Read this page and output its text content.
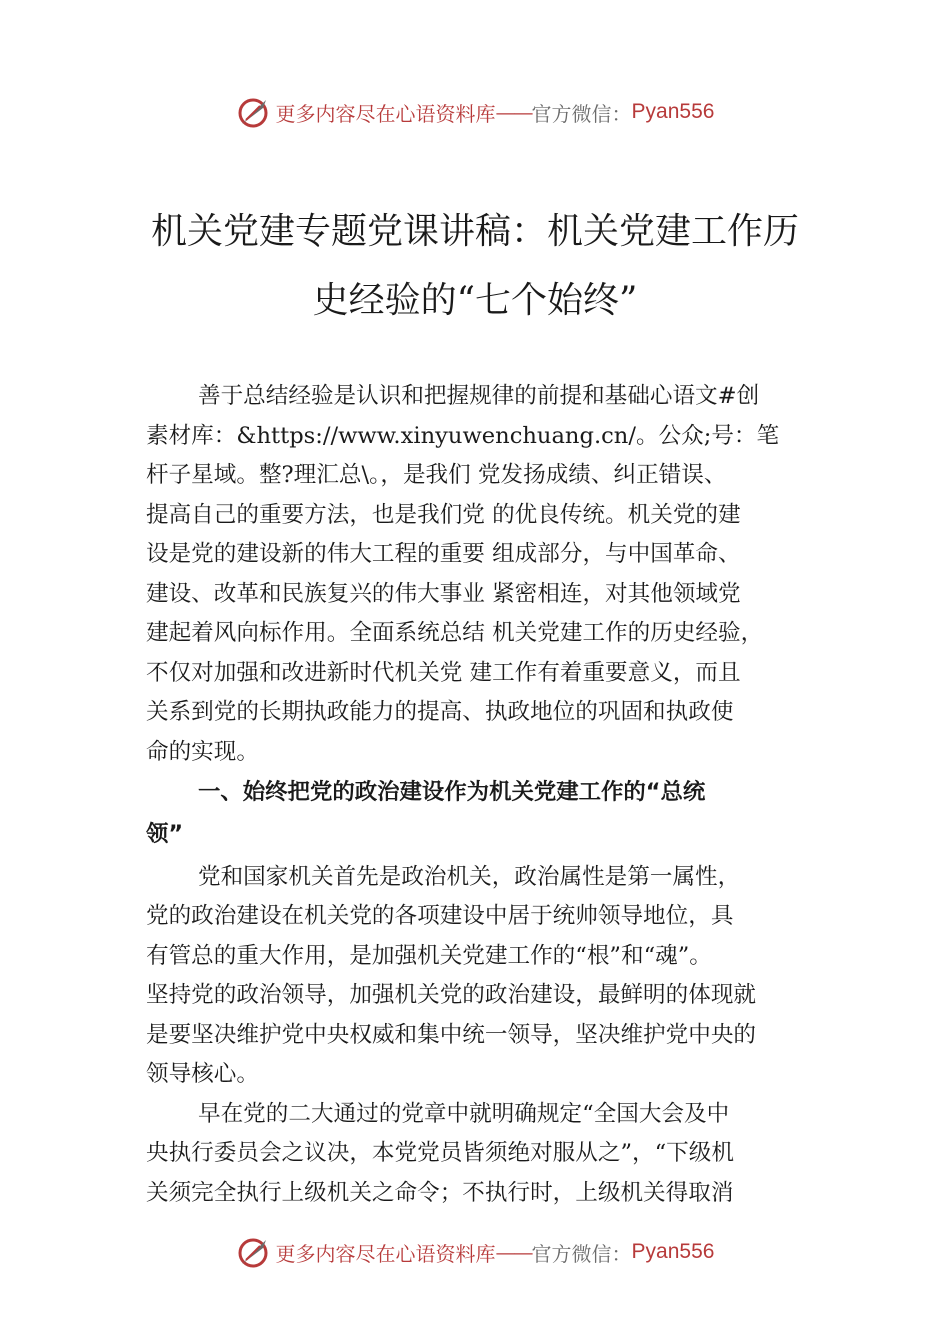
更多内容尽在心语资料库 —— 官方微信： Pyan556
机关党建专题党课讲稿：机关党建工作历
史经验的“七个始终”
善于总结经验是认识和把握规律的前提和基础心语文#创
素材库：&https://www.xinyuwenchuang.cn/。公众;号：笔
杆子星域。整?理汇总\。，是我们 党发扬成绩、纠正错误、
提高自己的重要方法，也是我们党 的优良传统。机关党的建
设是党的建设新的伟大工程的重要 组成部分，与中国革命、
建设、改革和民族复兴的伟大事业 紧密相连，对其他领域党
建起着风向标作用。全面系统总结 机关党建工作的历史经验，
不仅对加强和改进新时代机关党 建工作有着重要意义，而且
关系到党的长期执政能力的提高、执政地位的巩固和执政使
命的实现。
一、始终把党的政治建设作为机关党建工作的“总统
领”
党和国家机关首先是政治机关，政治属性是第一属性，
党的政治建设在机关党的各项建设中居于统帅领导地位，具
有管总的重大作用，是加强机关党建工作的“根”和“魂”。
坚持党的政治领导，加强机关党的政治建设，最鲜明的体现就
是要坚决维护党中央权威和集中统一领导，坚决维护党中央的
领导核心。
早在党的二大通过的党章中就明确规定“全国大会及中
央执行委员会之议决，本党党员皆须绝对服从之”，“下级机
关须完全执行上级机关之命令；不执行时，上级机关得取消
更多内容尽在心语资料库 —— 官方微信： Pyan556
